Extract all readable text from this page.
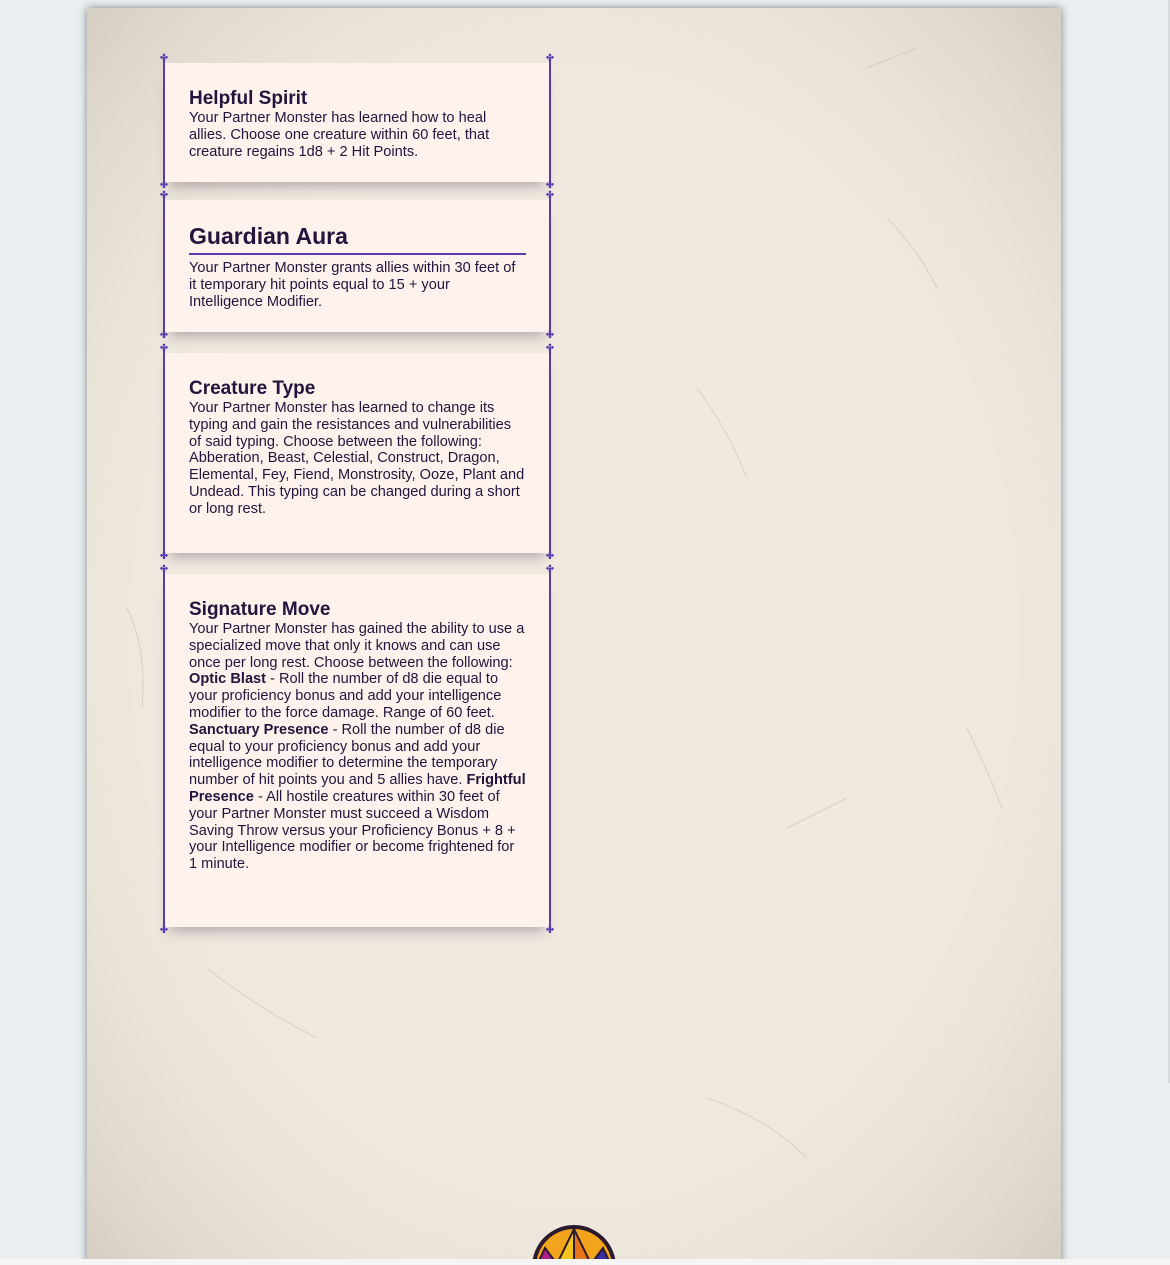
✤	✤
✤	✤
Helpful Spirit

Your Partner Monster has learned how to heal allies. Choose one creature within 60 feet, that creature regains 1d8 + 2 Hit Points.

✤	✤
✤	✤
Guardian Aura

Your Partner Monster grants allies within 30 feet of it temporary hit points equal to 15 + your Intelligence Modifier.

✤	✤
✤	✤
Creature Type

Your Partner Monster has learned to change its typing and gain the resistances and vulnerabilities of said typing. Choose between the following: Abberation, Beast, Celestial, Construct, Dragon, Elemental, Fey, Fiend, Monstrosity, Ooze, Plant and Undead. This typing can be changed during a short or long rest.

✤	✤
✤	✤
Signature Move

Your Partner Monster has gained the ability to use a specialized move that only it knows and can use once per long rest. Choose between the following: Optic Blast - Roll the number of d8 die equal to your proficiency bonus and add your intelligence modifier to the force damage. Range of 60 feet. Sanctuary Presence - Roll the number of d8 die equal to your proficiency bonus and add your intelligence modifier to determine the temporary number of hit points you and 5 allies have. Frightful Presence - All hostile creatures within 30 feet of your Partner Monster must succeed a Wisdom Saving Throw versus your Proficiency Bonus + 8 + your Intelligence modifier or become frightened for 1 minute.
